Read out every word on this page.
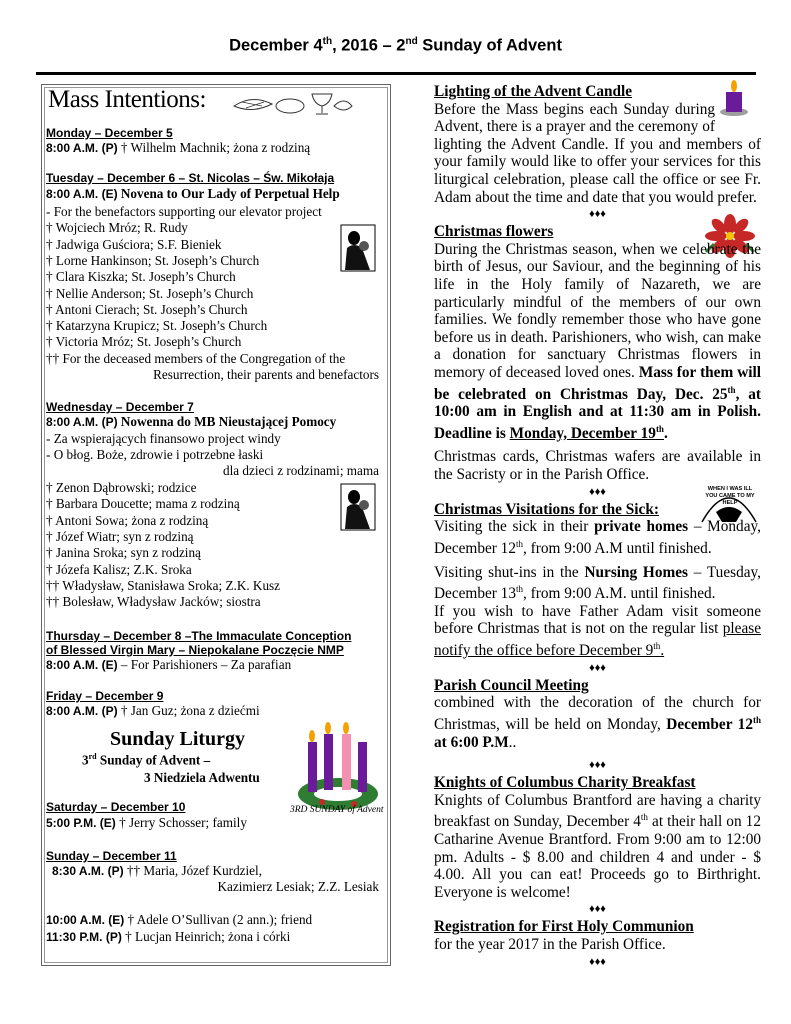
December 4th, 2016 – 2nd Sunday of Advent
Mass Intentions:
Monday – December 5
8:00 A.M. (P) † Wilhelm Machnik; żona z rodziną
Tuesday – December 6 – St. Nicolas – Św. Mikołaja
8:00 A.M. (E) Novena to Our Lady of Perpetual Help
- For the benefactors supporting our elevator project
† Wojciech Mróz; R. Rudy
† Jadwiga Guściora; S.F. Bieniek
† Lorne Hankinson; St. Joseph’s Church
† Clara Kiszka; St. Joseph’s Church
† Nellie Anderson; St. Joseph’s Church
† Antoni Cierach; St. Joseph’s Church
† Katarzyna Krupicz; St. Joseph’s Church
† Victoria Mróz; St. Joseph’s Church
†† For the deceased members of the Congregation of the
Resurrection, their parents and benefactors
Wednesday – December 7
8:00 A.M. (P) Nowenna do MB Nieustającej Pomocy
- Za wspierających finansowo project windy
- O błog. Boże, zdrowie i potrzebne łaski
dla dzieci z rodzinami; mama
† Zenon Dąbrowski; rodzice
† Barbara Doucette; mama z rodziną
† Antoni Sowa; żona z rodziną
† Józef Wiatr; syn z rodziną
† Janina Sroka; syn z rodziną
† Józefa Kalisz; Z.K. Sroka
†† Władysław, Stanisława Sroka; Z.K. Kusz
†† Bolesław, Władysław Jacków; siostra
Thursday – December 8 –The Immaculate Conception
of Blessed Virgin Mary – Niepokalane Poczęcie NMP
8:00 A.M. (E) – For Parishioners – Za parafian
Friday – December 9
8:00 A.M. (P) † Jan Guz; żona z dziećmi
Sunday Liturgy
3rd Sunday of Advent –
3 Niedziela Adwentu
3RD SUNDAY of Advent
Saturday – December 10
5:00 P.M. (E) † Jerry Schosser; family
Sunday – December 11
8:30 A.M. (P) †† Maria, Józef Kurdziel,
Kazimierz Lesiak; Z.Z. Lesiak
10:00 A.M. (E) † Adele O’Sullivan (2 ann.); friend
11:30 P.M. (P) † Lucjan Heinrich; żona i córki
WHEN I WAS ILL YOU CAME TO MY HELP

Lighting of the Advent Candle

Before the Mass begins each Sunday during Advent, there is a prayer and the ceremony of lighting the Advent Candle. If you and members of your family would like to offer your services for this liturgical celebration, please call the office or see Fr. Adam about the time and date that you would prefer.

♦♦♦

Christmas flowers

During the Christmas season, when we celebrate the birth of Jesus, our Saviour, and the beginning of his life in the Holy family of Nazareth, we are particularly mindful of the members of our own families. We fondly remember those who have gone before us in death. Parishioners, who wish, can make a donation for sanctuary Christmas flowers in memory of deceased loved ones. Mass for them will be celebrated on Christmas Day, Dec. 25th, at 10:00 am in English and at 11:30 am in Polish. Deadline is Monday, December 19th.

Christmas cards, Christmas wafers are available in the Sacristy or in the Parish Office.

♦♦♦

Christmas Visitations for the Sick:

Visiting the sick in their private homes – Monday, December 12th, from 9:00 A.M until finished.

Visiting shut-ins in the Nursing Homes – Tuesday, December 13th, from 9:00 A.M. until finished.

If you wish to have Father Adam visit someone before Christmas that is not on the regular list please notify the office before December 9th.

♦♦♦

Parish Council Meeting

combined with the decoration of the church for Christmas, will be held on Monday, December 12th at 6:00 P.M..

♦♦♦

Knights of Columbus Charity Breakfast

Knights of Columbus Brantford are having a charity breakfast on Sunday, December 4th at their hall on 12 Catharine Avenue Brantford. From 9:00 am to 12:00 pm. Adults - $ 8.00 and children 4 and under - $ 4.00. All you can eat! Proceeds go to Birthright. Everyone is welcome!

♦♦♦

Registration for First Holy Communion

for the year 2017 in the Parish Office.

♦♦♦
